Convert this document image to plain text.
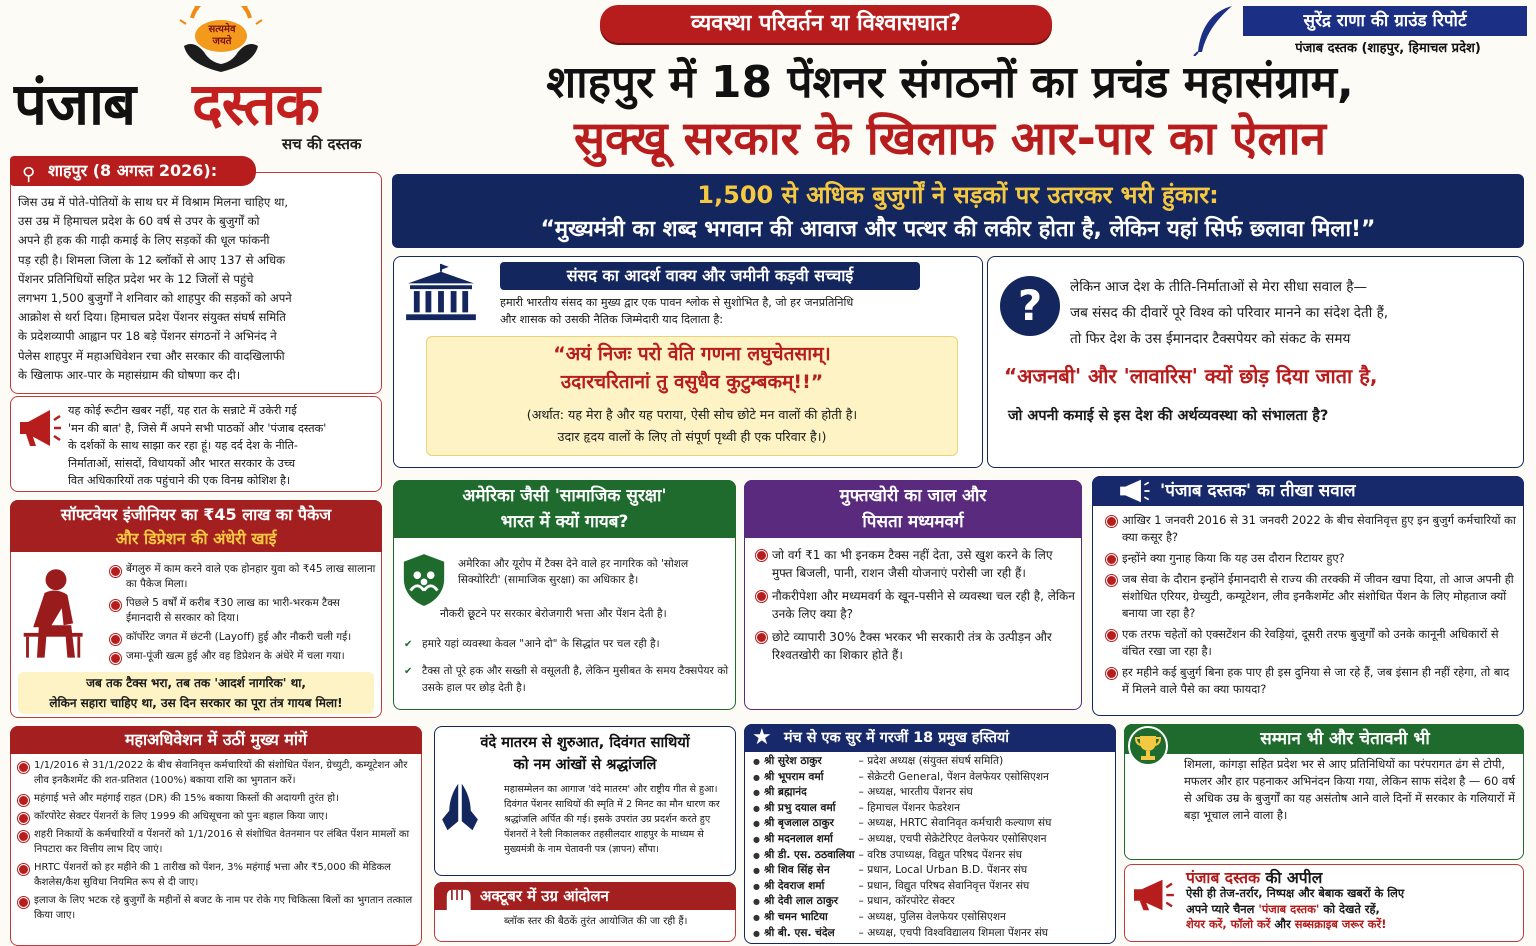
सत्यमेव
जयते
पंजाब दस्तक
सच की दस्तक
व्यवस्था परिवर्तन या विश्वासघात?
शाहपुर में 18 पेंशनर संगठनों का प्रचंड महासंग्राम,
सुक्खू सरकार के खिलाफ आर-पार का ऐलान
सुरेंद्र राणा की ग्राउंड रिपोर्ट
पंजाब दस्तक (शाहपुर, हिमाचल प्रदेश)
⚲ शाहपुर (8 अगस्त 2026):
जिस उम्र में पोते-पोतियों के साथ घर में विश्राम मिलना चाहिए था,
उस उम्र में हिमाचल प्रदेश के 60 वर्ष से उपर के बुजुर्गों को
अपने ही हक की गाढ़ी कमाई के लिए सड़कों की धूल फांकनी
पड़ रही है। शिमला जिला के 12 ब्लॉकों से आए 137 से अधिक
पेंशनर प्रतिनिधियों सहित प्रदेश भर के 12 जिलों से पहुंचे
लगभग 1,500 बुजुर्गों ने शनिवार को शाहपुर की सड़कों को अपने
आक्रोश से थर्रा दिया। हिमाचल प्रदेश पेंशनर संयुक्त संघर्ष समिति
के प्रदेशव्यापी आह्वान पर 18 बड़े पेंशनर संगठनों ने अभिनंद ने
पेलेस शाहपुर में महाअधिवेशन रचा और सरकार की वादखिलाफी
के खिलाफ आर-पार के महासंग्राम की घोषणा कर दी।
यह कोई रूटीन खबर नहीं, यह रात के सन्नाटे में उकेरी गई
'मन की बात' है, जिसे मैं अपने सभी पाठकों और 'पंजाब दस्तक'
के दर्शकों के साथ साझा कर रहा हूं। यह दर्द देश के नीति-
निर्माताओं, सांसदों, विधायकों और भारत सरकार के उच्च
वित अधिकारियों तक पहुंचाने की एक विनम्र कोशिश है।
1,500 से अधिक बुजुर्गों ने सड़कों पर उतरकर भरी हुंकार:
“मुख्यमंत्री का शब्द भगवान की आवाज और पत्थर की लकीर होता है, लेकिन यहां सिर्फ छलावा मिला!”
संसद का आदर्श वाक्य और जमीनी कड़वी सच्चाई
हमारी भारतीय संसद का मुख्य द्वार एक पावन श्लोक से सुशोभित है, जो हर जनप्रतिनिधि
और शासक को उसकी नैतिक जिम्मेदारी याद दिलाता है:
“अयं निजः परो वेति गणना लघुचेतसाम्।
उदारचरितानां तु वसुधैव कुटुम्बकम्!!”
(अर्थात: यह मेरा है और यह पराया, ऐसी सोच छोटे मन वालों की होती है।
उदार हृदय वालों के लिए तो संपूर्ण पृथ्वी ही एक परिवार है।)
?	लेकिन आज देश के तीति-निर्माताओं से मेरा सीधा सवाल है—
जब संसद की दीवारें पूरे विश्व को परिवार मानने का संदेश देती हैं,
तो फिर देश के उस ईमानदार टैक्सपेयर को संकट के समय
“अजनबी' और 'लावारिस' क्यों छोड़ दिया जाता है,
जो अपनी कमाई से इस देश की अर्थव्यवस्था को संभालता है?
सॉफ्टवेयर इंजीनियर का ₹45 लाख का पैकेज
और डिप्रेशन की अंधेरी खाई
बेंगलुरु में काम करने वाले एक होनहार युवा को ₹45 लाख सालाना का पैकेज मिला।
पिछले 5 वर्षों में करीब ₹30 लाख का भारी-भरकम टैक्स ईमानदारी से सरकार को दिया।
कॉर्पोरेट जगत में छंटनी (Layoff) हुई और नौकरी चली गई।
जमा-पूंजी खत्म हुई और वह डिप्रेशन के अंधेरे में चला गया।
जब तक टैक्स भरा, तब तक 'आदर्श नागरिक' था,
लेकिन सहारा चाहिए था, उस दिन सरकार का पूरा तंत्र गायब मिला!
अमेरिका जैसी 'सामाजिक सुरक्षा'
भारत में क्यों गायब?
अमेरिका और यूरोप में टैक्स देने वाले हर नागरिक को 'सोशल सिक्योरिटी' (सामाजिक सुरक्षा) का अधिकार है।
नौकरी छूटने पर सरकार बेरोजगारी भत्ता और पेंशन देती है।
✔ हमारे यहां व्यवस्था केवल "आने दो" के सिद्धांत पर चल रही है।
✔ टैक्स तो पूरे हक और सख्ती से वसूलती है, लेकिन मुसीबत के समय टैक्सपेयर को उसके हाल पर छोड़ देती है।
मुफ्तखोरी का जाल और
पिसता मध्यमवर्ग
जो वर्ग ₹1 का भी इनकम टैक्स नहीं देता, उसे खुश करने के लिए मुफ्त बिजली, पानी, राशन जैसी योजनाएं परोसी जा रही हैं।
नौकरीपेशा और मध्यमवर्ग के खून-पसीने से व्यवस्था चल रही है, लेकिन उनके लिए क्या है?
छोटे व्यापारी 30% टैक्स भरकर भी सरकारी तंत्र के उत्पीड़न और रिश्वतखोरी का शिकार होते हैं।
'पंजाब दस्तक' का तीखा सवाल
आखिर 1 जनवरी 2016 से 31 जनवरी 2022 के बीच सेवानिवृत्त हुए इन बुजुर्ग कर्मचारियों का क्या कसूर है?
इन्होंने क्या गुनाह किया कि यह उस दौरान रिटायर हुए?
जब सेवा के दौरान इन्होंने ईमानदारी से राज्य की तरक्की में जीवन खपा दिया, तो आज अपनी ही संशोधित एरियर, ग्रेच्युटी, कम्यूटेशन, लीव इनकैशमेंट और संशोधित पेंशन के लिए मोहताज क्यों बनाया जा रहा है?
एक तरफ चहेतों को एक्सटेंशन की रेवड़ियां, दूसरी तरफ बुजुर्गों को उनके कानूनी अधिकारों से वंचित रखा जा रहा है।
हर महीने कई बुजुर्ग बिना हक पाए ही इस दुनिया से जा रहे हैं, जब इंसान ही नहीं रहेगा, तो बाद में मिलने वाले पैसे का क्या फायदा?
महाअधिवेशन में उठीं मुख्य मांगें
1/1/2016 से 31/1/2022 के बीच सेवानिवृत्त कर्मचारियों की संशोधित पेंशन, ग्रेच्युटी, कम्यूटेशन और लीव इनकैशमेंट की शत-प्रतिशत (100%) बकाया राशि का भुगतान करें।
महंगाई भत्ते और महंगाई राहत (DR) की 15% बकाया किस्तों की अदायगी तुरंत हो।
कॉरपोरेट सेक्टर पेंशनरों के लिए 1999 की अधिसूचना को पुनः बहाल किया जाए।
शहरी निकायों के कर्मचारियों व पेंशनरों को 1/1/2016 से संशोधित वेतनमान पर लंबित पेंशन मामलों का निपटारा कर वित्तीय लाभ दिए जाएं।
HRTC पेंशनरों को हर महीने की 1 तारीख को पेंशन, 3% महंगाई भत्ता और ₹5,000 की मेडिकल कैशलेस/कैश सुविधा नियमित रूप से दी जाए।
इलाज के लिए भटक रहे बुजुर्गों के महीनों से बजट के नाम पर रोके गए चिकित्सा बिलों का भुगतान तत्काल किया जाए।
वंदे मातरम से शुरुआत, दिवंगत साथियों
को नम आंखों से श्रद्धांजलि
महासम्मेलन का आगाज 'वंदे मातरम' और राष्ट्रीय गीत से हुआ। दिवंगत पेंशनर साथियों की स्मृति में 2 मिनट का मौन धारण कर श्रद्धांजलि अर्पित की गई। इसके उपरांत उग्र प्रदर्शन करते हुए पेंशनरों ने रैली निकालकर तहसीलदार शाहपुर के माध्यम से मुख्यमंत्री के नाम चेतावनी पत्र (ज्ञापन) सौंपा।
अक्टूबर में उग्र आंदोलन
ब्लॉक स्तर की बैठकें तुरंत आयोजित की जा रही हैं।
★ मंच से एक सुर में गरजीं 18 प्रमुख हस्तियां
● श्री सुरेश ठाकुर	– प्रदेश अध्यक्ष (संयुक्त संघर्ष समिति)
● श्री भूपराम वर्मा	– सेक्रेटरी General, पेंशन वेलफेयर एसोसिएशन
● श्री ब्रह्मानंद	– अध्यक्ष, भारतीय पेंशनर संघ
● श्री प्रभु दयाल वर्मा	– हिमाचल पेंशनर फेडरेशन
● श्री बृजलाल ठाकुर	– अध्यक्ष, HRTC सेवानिवृत कर्मचारी कल्याण संघ
● श्री मदनलाल शर्मा	– अध्यक्ष, एचपी सेक्रेटेरिएट वेलफेयर एसोसिएशन
● श्री डी. एस. ठठवालिया	– वरिष्ठ उपाध्यक्ष, विद्युत परिषद पेंशनर संघ
● श्री शिव सिंह सेन	– प्रधान, Local Urban B.D. पेंशनर संघ
● श्री देवराज शर्मा	– प्रधान, विद्युत परिषद सेवानिवृत्त पेंशनर संघ
● श्री देवी लाल ठाकुर	– प्रधान, कॉरपोरेट सेक्टर
● श्री चमन भाटिया	– अध्यक्ष, पुलिस वेलफेयर एसोसिएशन
● श्री बी. एस. चंदेल	– अध्यक्ष, एचपी विश्वविद्यालय शिमला पेंशनर संघ
सम्मान भी और चेतावनी भी
शिमला, कांगड़ा सहित प्रदेश भर से आए प्रतिनिधियों का परंपरागत ढंग से टोपी, मफलर और हार पहनाकर अभिनंदन किया गया, लेकिन साफ संदेश है — 60 वर्ष से अधिक उम्र के बुजुर्गों का यह असंतोष आने वाले दिनों में सरकार के गलियारों में बड़ा भूचाल लाने वाला है।
पंजाब दस्तक की अपील
ऐसी ही तेज-तर्रार, निष्पक्ष और बेबाक खबरों के लिए
अपने प्यारे चैनल 'पंजाब दस्तक' को देखते रहें,
शेयर करें, फॉलो करें और सब्सक्राइब जरूर करें!
